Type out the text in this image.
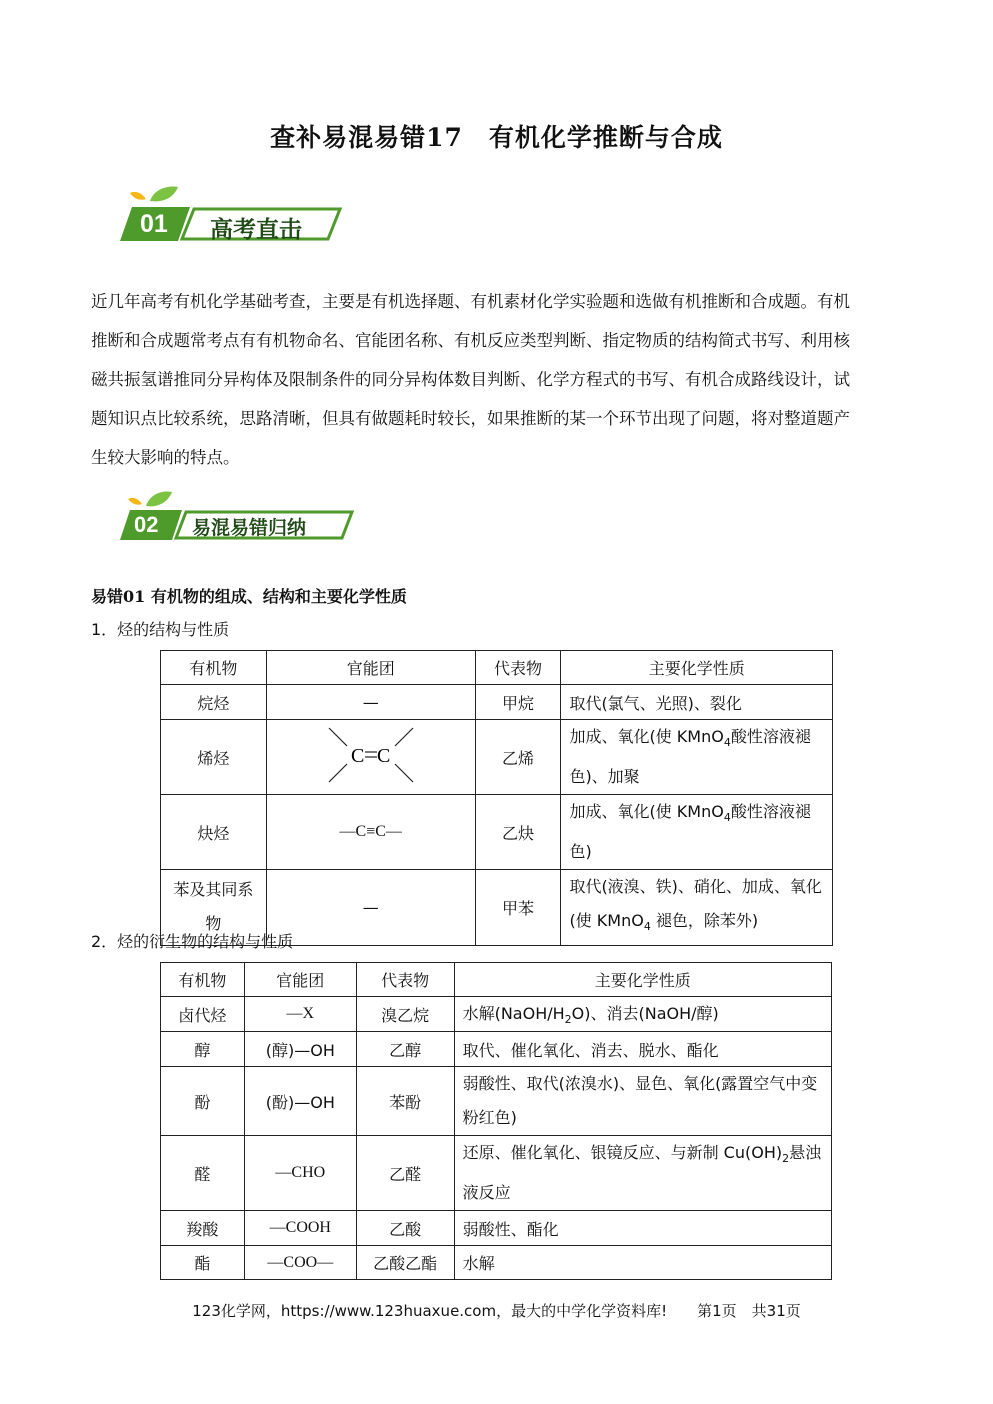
查补易混易错17　有机化学推断与合成
01 高考直击
近几年高考有机化学基础考查，主要是有机选择题、有机素材化学实验题和选做有机推断和合成题。有机
推断和合成题常考点有有机物命名、官能团名称、有机反应类型判断、指定物质的结构简式书写、利用核
磁共振氢谱推同分异构体及限制条件的同分异构体数目判断、化学方程式的书写、有机合成路线设计，试
题知识点比较系统，思路清晰，但具有做题耗时较长，如果推断的某一个环节出现了问题，将对整道题产
生较大影响的特点。
02 易混易错归纳
易错01 有机物的组成、结构和主要化学性质
1．烃的结构与性质
有机物	官能团	代表物	主要化学性质
烷烃	—	甲烷	取代(氯气、光照)、裂化
烯烃	C C	乙烯	加成、氧化(使 KMnO$_4$酸性溶液褪色)、加聚
炔烃	—C≡C—	乙炔	加成、氧化(使 KMnO$_4$酸性溶液褪色)
苯及其同系物	—	甲苯	取代(液溴、铁)、硝化、加成、氧化(使 KMnO$_4$ 褪色，除苯外)
2．烃的衍生物的结构与性质
有机物	官能团	代表物	主要化学性质
卤代烃	—X	溴乙烷	水解$(NaOH/H_2O)$、消去(NaOH/醇)
醇	(醇)—OH	乙醇	取代、催化氧化、消去、脱水、酯化
酚	(酚)—OH	苯酚	弱酸性、取代(浓溴水)、显色、氧化(露置空气中变粉红色)
醛	—CHO	乙醛	还原、催化氧化、银镜反应、与新制 $Cu(OH)_2$悬浊液反应
羧酸	—COOH	乙酸	弱酸性、酯化
酯	—COO—	乙酸乙酯	水解
123化学网，https://www.123huaxue.com，最大的中学化学资料库!　　第1页　共31页
